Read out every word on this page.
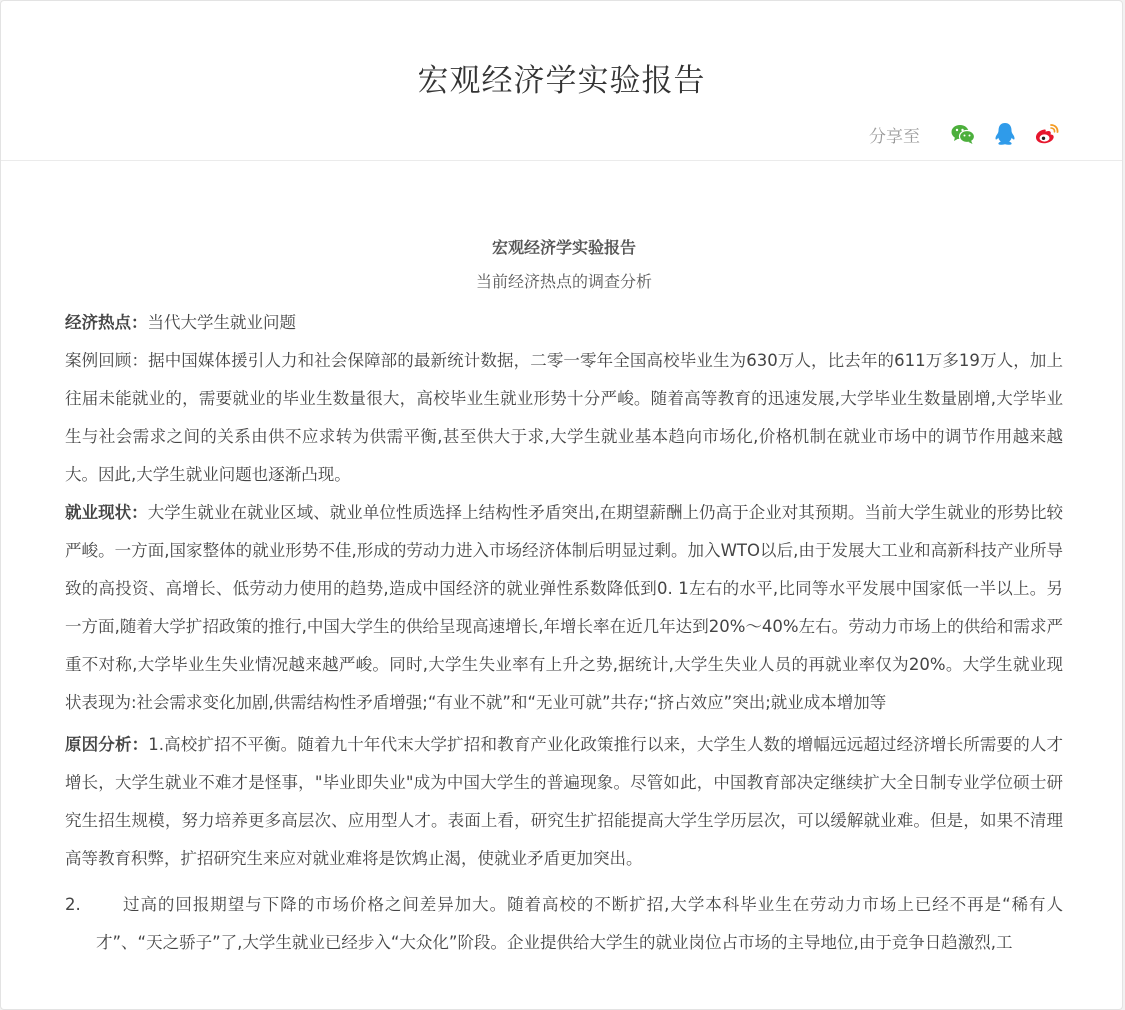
宏观经济学实验报告
分享至

宏观经济学实验报告

当前经济热点的调查分析

经济热点：当代大学生就业问题

案例回顾：据中国媒体援引人力和社会保障部的最新统计数据，二零一零年全国高校毕业生为630万人，比去年的611万多19万人，加上往届未能就业的，需要就业的毕业生数量很大，高校毕业生就业形势十分严峻。随着高等教育的迅速发展,大学毕业生数量剧增,大学毕业生与社会需求之间的关系由供不应求转为供需平衡,甚至供大于求,大学生就业基本趋向市场化,价格机制在就业市场中的调节作用越来越大。因此,大学生就业问题也逐渐凸现。

就业现状：大学生就业在就业区域、就业单位性质选择上结构性矛盾突出,在期望薪酬上仍高于企业对其预期。当前大学生就业的形势比较严峻。一方面,国家整体的就业形势不佳,形成的劳动力进入市场经济体制后明显过剩。加入WTO以后,由于发展大工业和高新科技产业所导致的高投资、高增长、低劳动力使用的趋势,造成中国经济的就业弹性系数降低到0. 1左右的水平,比同等水平发展中国家低一半以上。另一方面,随着大学扩招政策的推行,中国大学生的供给呈现高速增长,年增长率在近几年达到20%～40%左右。劳动力市场上的供给和需求严重不对称,大学毕业生失业情况越来越严峻。同时,大学生失业率有上升之势,据统计,大学生失业人员的再就业率仅为20%。大学生就业现状表现为:社会需求变化加剧,供需结构性矛盾增强;“有业不就”和“无业可就”共存;“挤占效应”突出;就业成本增加等

原因分析：1.高校扩招不平衡。随着九十年代末大学扩招和教育产业化政策推行以来，大学生人数的增幅远远超过经济增长所需要的人才增长，大学生就业不难才是怪事，"毕业即失业"成为中国大学生的普遍现象。尽管如此，中国教育部决定继续扩大全日制专业学位硕士研究生招生规模，努力培养更多高层次、应用型人才。表面上看，研究生扩招能提高大学生学历层次，可以缓解就业难。但是，如果不清理高等教育积弊，扩招研究生来应对就业难将是饮鸩止渴，使就业矛盾更加突出。

2.	过高的回报期望与下降的市场价格之间差异加大。随着高校的不断扩招,大学本科毕业生在劳动力市场上已经不再是“稀有人才”、“天之骄子”了,大学生就业已经步入“大众化”阶段。企业提供给大学生的就业岗位占市场的主导地位,由于竞争日趋激烈,工
